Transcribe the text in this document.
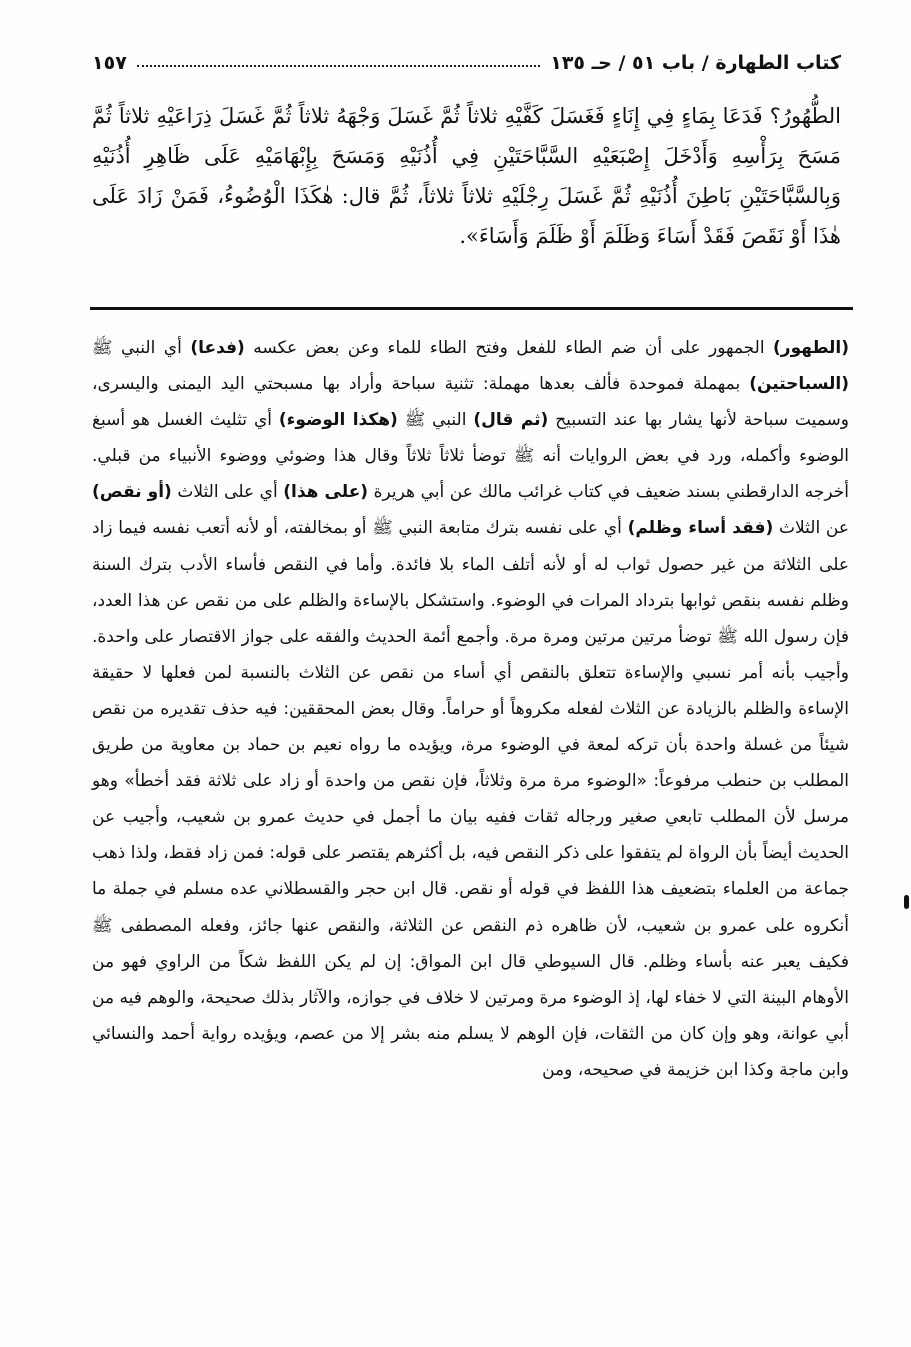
كتاب الطهارة / باب ٥١ / حـ ١٣٥
١٥٧

الطُّهُورُ؟ فَدَعَا بِمَاءٍ فِي إِنَاءٍ فَغَسَلَ كَفَّيْهِ ثلاثاً ثُمَّ غَسَلَ وَجْهَهُ ثلاثاً ثُمَّ غَسَلَ ذِرَاعَيْهِ ثلاثاً ثُمَّ مَسَحَ بِرَأْسِهِ وَأَدْخَلَ إِصْبَعَيْهِ السَّبَّاحَتَيْنِ فِي أُذُنَيْهِ وَمَسَحَ بِإِبْهَامَيْهِ عَلَى ظَاهِرِ أُذُنَيْهِ وَبِالسَّبَّاحَتَيْنِ بَاطِنَ أُذُنَيْهِ ثُمَّ غَسَلَ رِجْلَيْهِ ثلاثاً ثلاثاً، ثُمَّ قال: هٰكَذَا الْوُضُوءُ، فَمَنْ زَادَ عَلَى هٰذَا أَوْ نَقَصَ فَقَدْ أَسَاءَ وَظَلَمَ أَوْ ظَلَمَ وَأَسَاءَ».

(الطهور) الجمهور على أن ضم الطاء للفعل وفتح الطاء للماء وعن بعض عكسه (فدعا) أي النبي ﷺ (السباحتين) بمهملة فموحدة فألف بعدها مهملة: تثنية سباحة وأراد بها مسبحتي اليد اليمنى واليسرى، وسميت سباحة لأنها يشار بها عند التسبيح (ثم قال) النبي ﷺ (هكذا الوضوء) أي تثليث الغسل هو أسبغ الوضوء وأكمله، ورد في بعض الروايات أنه ﷺ توضأ ثلاثاً ثلاثاً وقال هذا وضوئي ووضوء الأنبياء من قبلي. أخرجه الدارقطني بسند ضعيف في كتاب غرائب مالك عن أبي هريرة (على هذا) أي على الثلاث (أو نقص) عن الثلاث (فقد أساء وظلم) أي على نفسه بترك متابعة النبي ﷺ أو بمخالفته، أو لأنه أتعب نفسه فيما زاد على الثلاثة من غير حصول ثواب له أو لأنه أتلف الماء بلا فائدة. وأما في النقص فأساء الأدب بترك السنة وظلم نفسه بنقص ثوابها بترداد المرات في الوضوء. واستشكل بالإساءة والظلم على من نقص عن هذا العدد، فإن رسول الله ﷺ توضأ مرتين مرتين ومرة مرة. وأجمع أئمة الحديث والفقه على جواز الاقتصار على واحدة. وأجيب بأنه أمر نسبي والإساءة تتعلق بالنقص أي أساء من نقص عن الثلاث بالنسبة لمن فعلها لا حقيقة الإساءة والظلم بالزيادة عن الثلاث لفعله مكروهاً أو حراماً. وقال بعض المحققين: فيه حذف تقديره من نقص شيئاً من غسلة واحدة بأن تركه لمعة في الوضوء مرة، ويؤيده ما رواه نعيم بن حماد بن معاوية من طريق المطلب بن حنطب مرفوعاً: «الوضوء مرة مرة وثلاثاً، فإن نقص من واحدة أو زاد على ثلاثة فقد أخطأ» وهو مرسل لأن المطلب تابعي صغير ورجاله ثقات ففيه بيان ما أجمل في حديث عمرو بن شعيب، وأجيب عن الحديث أيضاً بأن الرواة لم يتفقوا على ذكر النقص فيه، بل أكثرهم يقتصر على قوله: فمن زاد فقط، ولذا ذهب جماعة من العلماء بتضعيف هذا اللفظ في قوله أو نقص. قال ابن حجر والقسطلاني عده مسلم في جملة ما أنكروه على عمرو بن شعيب، لأن ظاهره ذم النقص عن الثلاثة، والنقص عنها جائز، وفعله المصطفى ﷺ فكيف يعبر عنه بأساء وظلم. قال السيوطي قال ابن المواق: إن لم يكن اللفظ شكاً من الراوي فهو من الأوهام البينة التي لا خفاء لها، إذ الوضوء مرة ومرتين لا خلاف في جوازه، والآثار بذلك صحيحة، والوهم فيه من أبي عوانة، وهو وإن كان من الثقات، فإن الوهم لا يسلم منه بشر إلا من عصم، ويؤيده رواية أحمد والنسائي وابن ماجة وكذا ابن خزيمة في صحيحه، ومن
